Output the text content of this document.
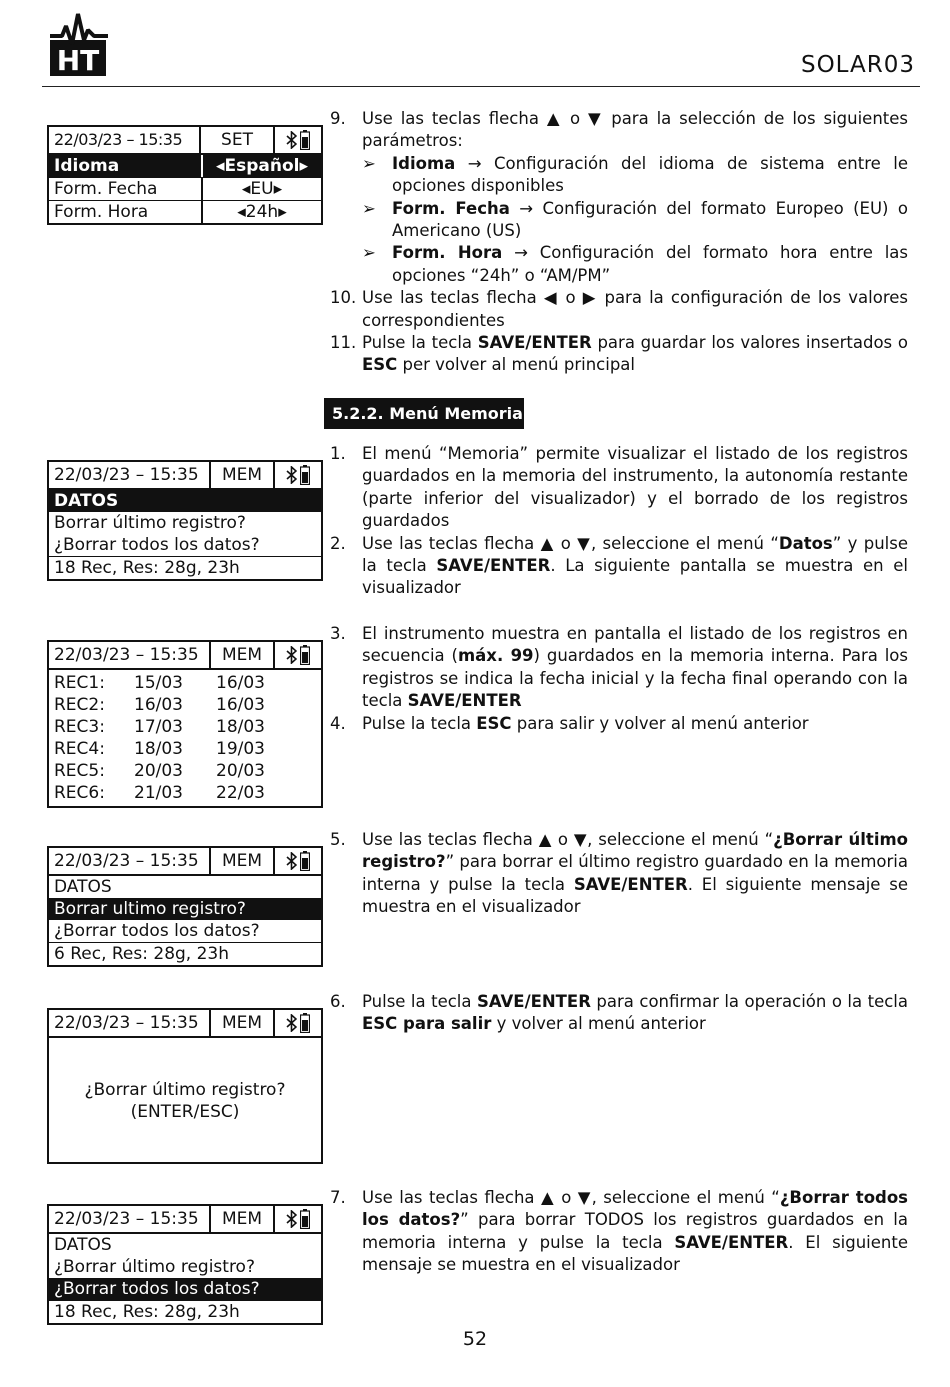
HT	SOLAR03
22/03/23 – 15:35	SET
Idioma	◂Español▸
Form. Fecha	◂EU▸
Form. Hora	◂24h▸
22/03/23 – 15:35	MEM
DATOS
Borrar último registro?
¿Borrar todos los datos?
18 Rec, Res: 28g, 23h
22/03/23 – 15:35	MEM
REC1:	15/03	16/03
REC2:	16/03	16/03
REC3:	17/03	18/03
REC4:	18/03	19/03
REC5:	20/03	20/03
REC6:	21/03	22/03
22/03/23 – 15:35	MEM
DATOS
Borrar ultimo registro?
¿Borrar todos los datos?
6 Rec, Res: 28g, 23h
22/03/23 – 15:35	MEM
¿Borrar último registro?
(ENTER/ESC)
22/03/23 – 15:35	MEM
DATOS
¿Borrar último registro?
¿Borrar todos los datos?
18 Rec, Res: 28g, 23h
9. Use las teclas flecha ▲ o ▼ para la selección de los siguientes parámetros:
➢ Idioma → Configuración del idioma de sistema entre le opciones disponibles
➢ Form. Fecha → Configuración del formato Europeo (EU) o Americano (US)
➢ Form. Hora → Configuración del formato hora entre las opciones “24h” o “AM/PM”
10. Use las teclas flecha ◀ o ▶ para la configuración de los valores correspondientes
11. Pulse la tecla SAVE/ENTER para guardar los valores insertados o ESC per volver al menú principal
5.2.2. Menú Memoria
1. El menú “Memoria” permite visualizar el listado de los registros guardados en la memoria del instrumento, la autonomía restante (parte inferior del visualizador) y el borrado de los registros guardados
2. Use las teclas flecha ▲ o ▼, seleccione el menú “Datos” y pulse la tecla SAVE/ENTER. La siguiente pantalla se muestra en el visualizador
3. El instrumento muestra en pantalla el listado de los registros en secuencia (máx. 99) guardados en la memoria interna. Para los registros se indica la fecha inicial y la fecha final operando con la tecla SAVE/ENTER
4. Pulse la tecla ESC para salir y volver al menú anterior
5. Use las teclas flecha ▲ o ▼, seleccione el menú “¿Borrar último registro?” para borrar el último registro guardado en la memoria interna y pulse la tecla SAVE/ENTER. El siguiente mensaje se muestra en el visualizador
6. Pulse la tecla SAVE/ENTER para confirmar la operación o la tecla ESC para salir y volver al menú anterior
7. Use las teclas flecha ▲ o ▼, seleccione el menú “¿Borrar todos los datos?” para borrar TODOS los registros guardados en la memoria interna y pulse la tecla SAVE/ENTER. El siguiente mensaje se muestra en el visualizador
52
